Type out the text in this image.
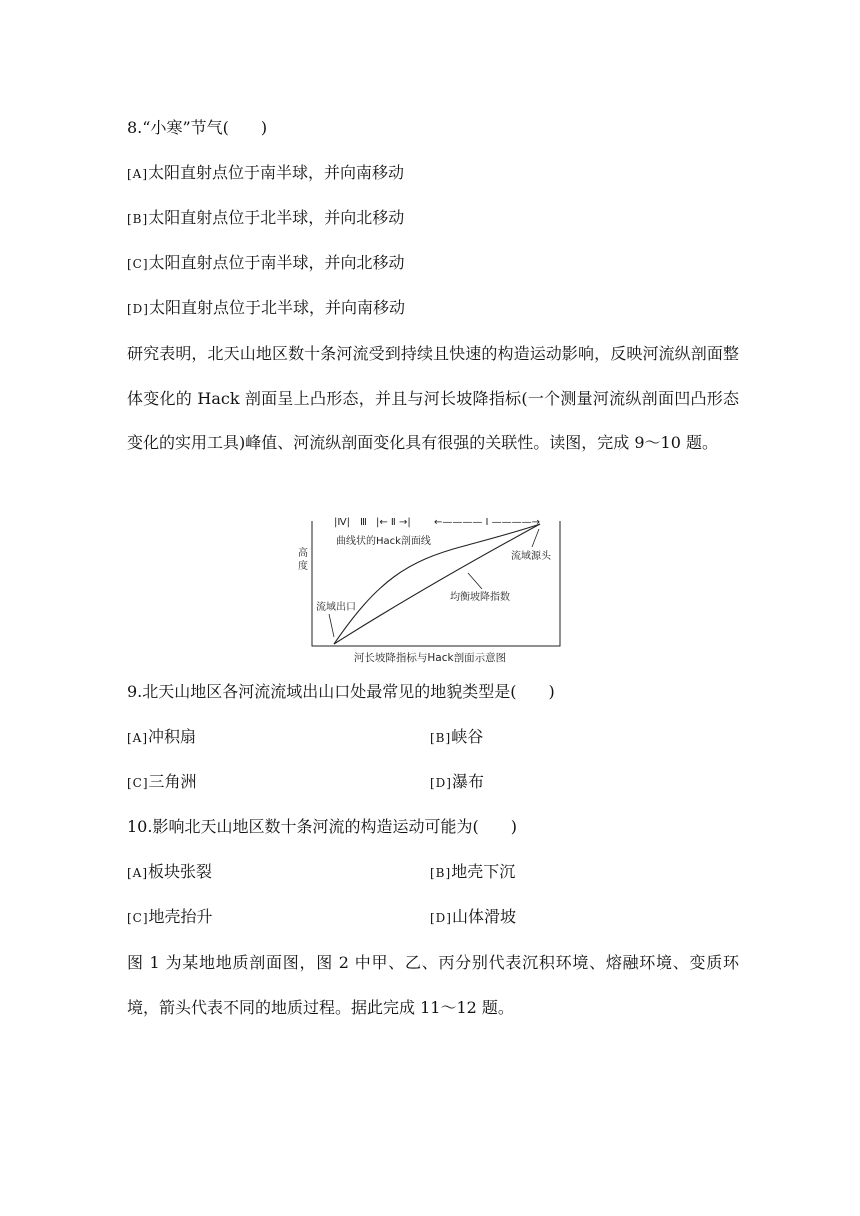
8.“小寒”节气(　　)
[A]太阳直射点位于南半球，并向南移动
[B]太阳直射点位于北半球，并向北移动
[C]太阳直射点位于南半球，并向北移动
[D]太阳直射点位于北半球，并向南移动
研究表明，北天山地区数十条河流受到持续且快速的构造运动影响，反映河流纵剖面整体变化的 Hack 剖面呈上凸形态，并且与河长坡降指标(一个测量河流纵剖面凹凸形态变化的实用工具)峰值、河流纵剖面变化具有很强的关联性。读图，完成 9～10 题。
|Ⅳ| Ⅲ |← Ⅱ →| ←———— Ⅰ ————→
高
度
曲线状的Hack剖面线
流域源头
流域出口
均衡坡降指数
河长坡降指标与Hack剖面示意图
9.北天山地区各河流流域出山口处最常见的地貌类型是(　　)
[A]冲积扇	[B]峡谷
[C]三角洲	[D]瀑布
10.影响北天山地区数十条河流的构造运动可能为(　　)
[A]板块张裂	[B]地壳下沉
[C]地壳抬升	[D]山体滑坡
图 1 为某地地质剖面图，图 2 中甲、乙、丙分别代表沉积环境、熔融环境、变质环境，箭头代表不同的地质过程。据此完成 11～12 题。
